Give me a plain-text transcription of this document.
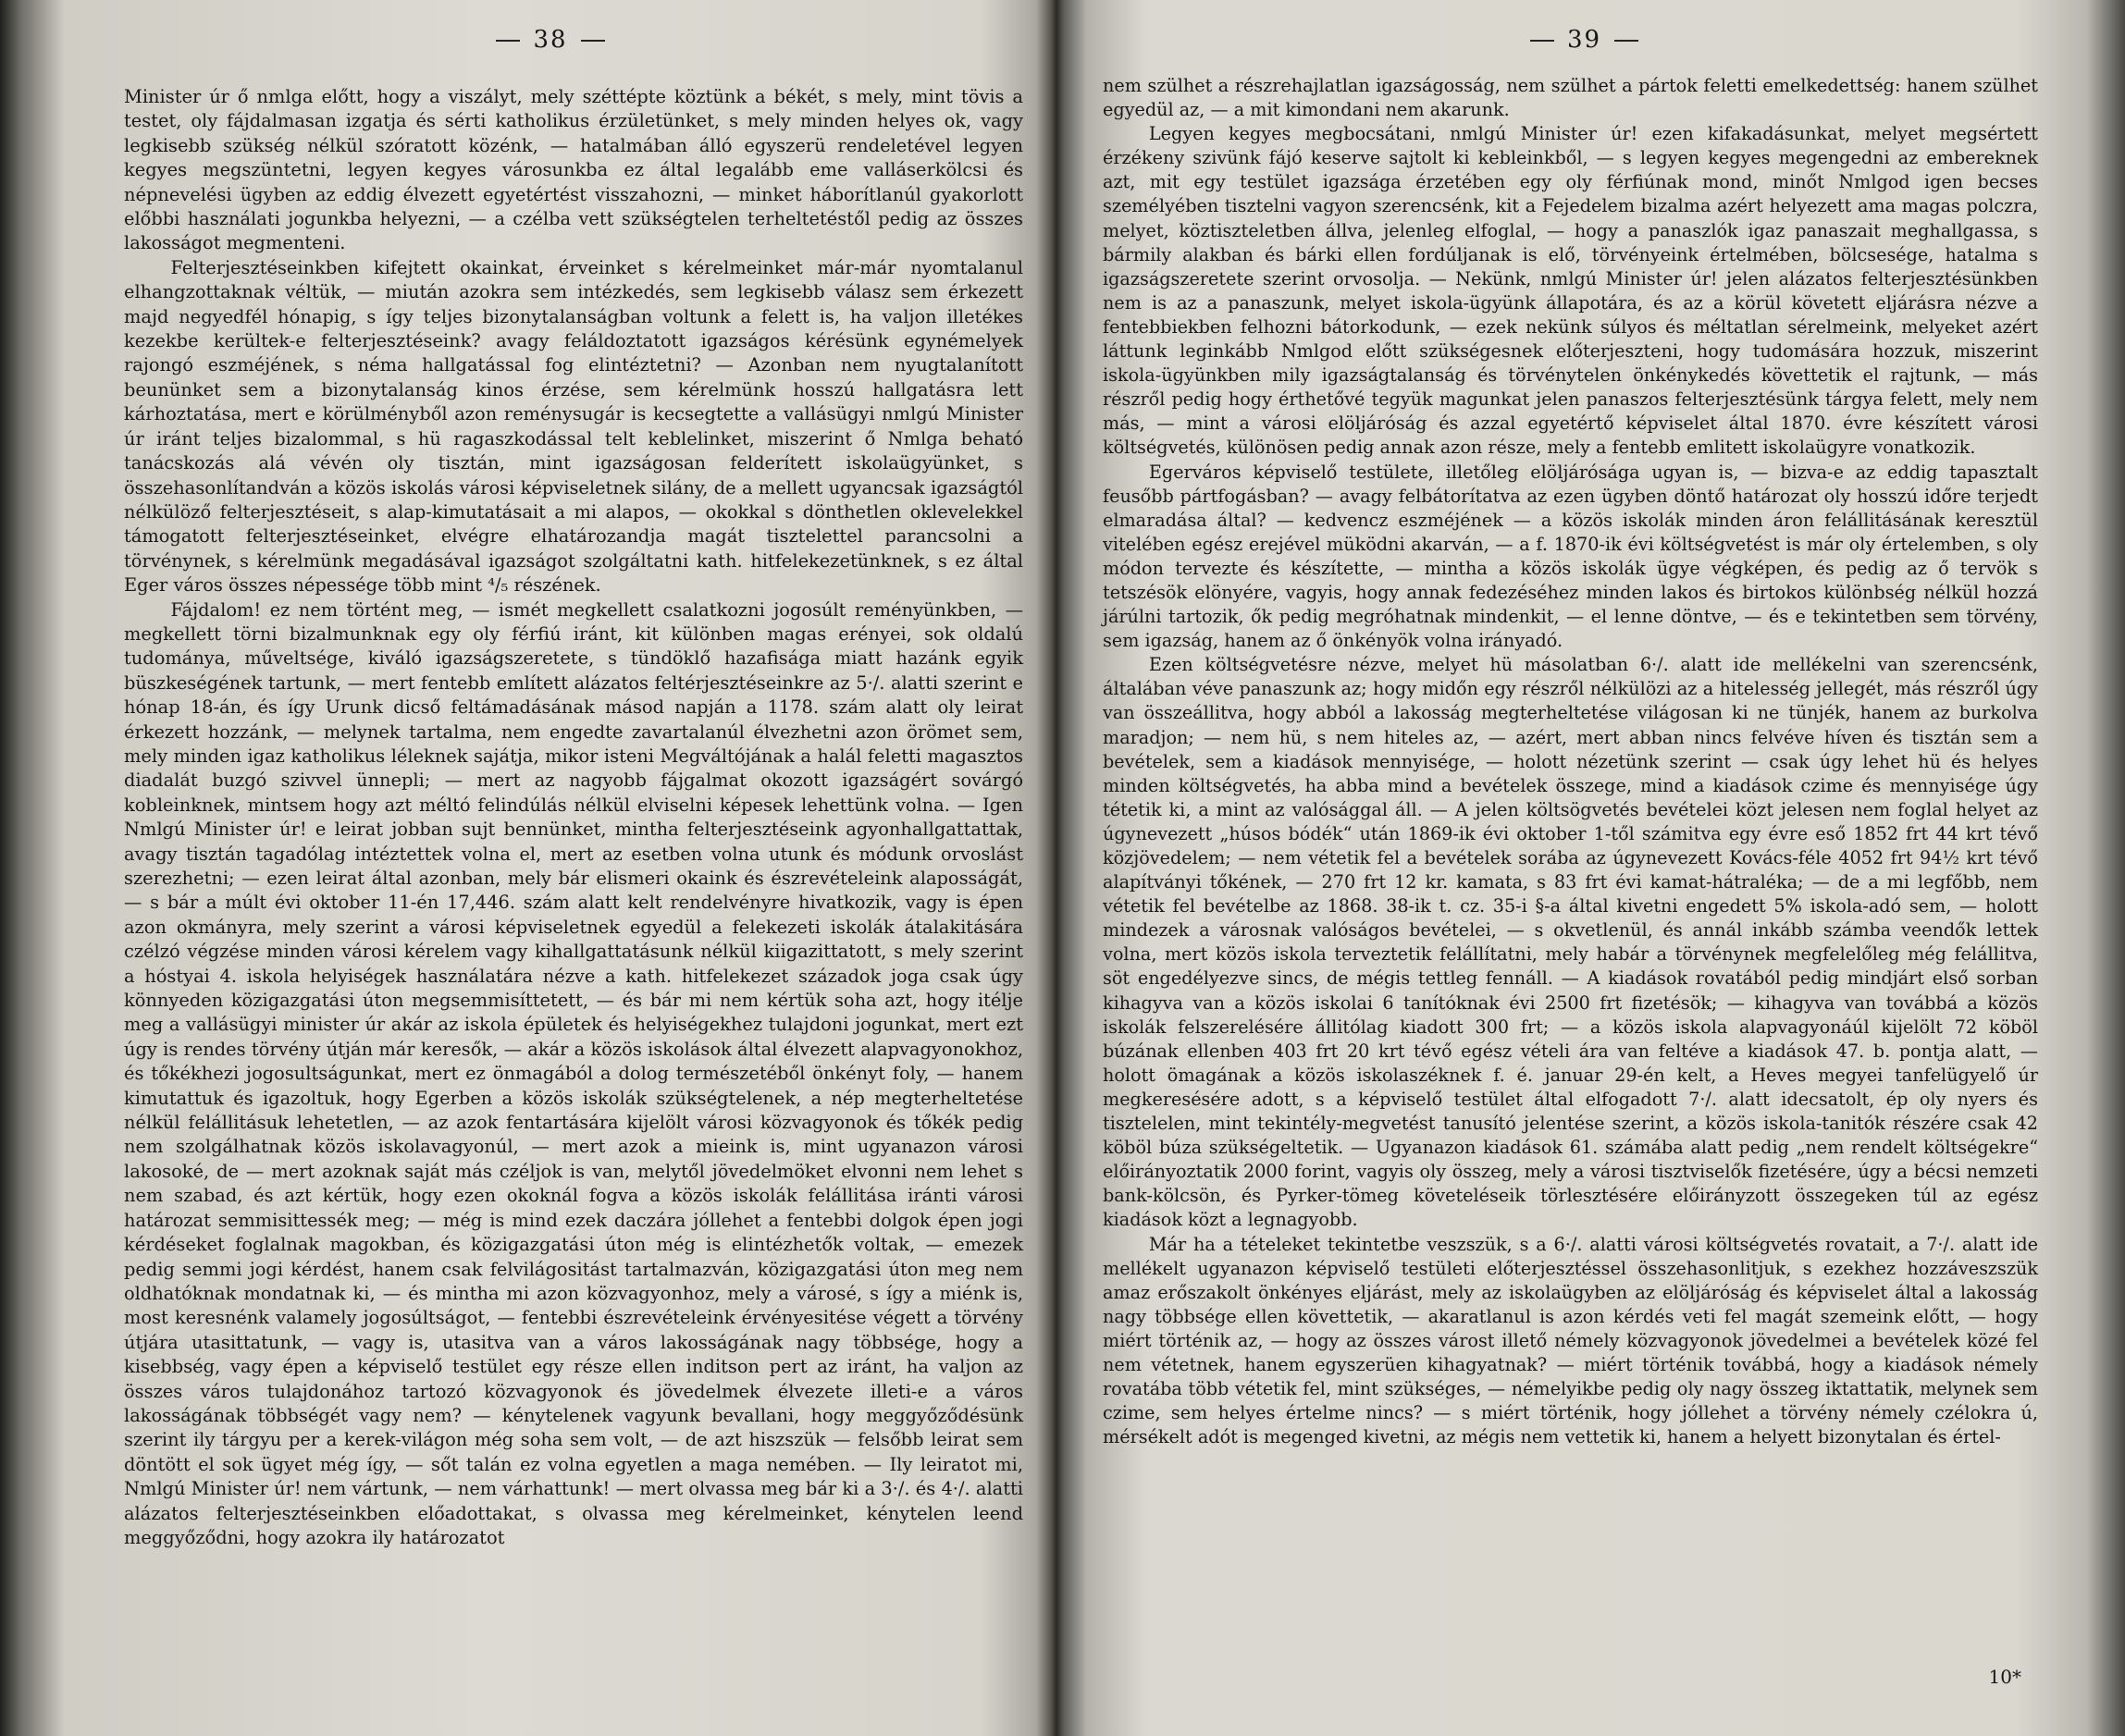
38

Minister úr ő nmlga előtt, hogy a viszályt, mely széttépte köztünk a békét, s mely, mint tövis a testet, oly fájdalmasan izgatja és sérti katholikus érzületünket, s mely minden helyes ok, vagy legkisebb szükség nélkül szóratott közénk, — hatalmában álló egyszerü rendeletével legyen kegyes megszüntetni, legyen kegyes városunkba ez által legalább eme valláserkölcsi és népnevelési ügyben az eddig élvezett egyetértést visszahozni, — minket háborítlanúl gyakorlott előbbi használati jogunkba helyezni, — a czélba vett szükségtelen terheltetéstől pedig az összes lakosságot megmenteni.

Felterjesztéseinkben kifejtett okainkat, érveinket s kérelmeinket már-már nyomtalanul elhangzottaknak véltük, — miután azokra sem intézkedés, sem legkisebb válasz sem érkezett majd negyedfél hónapig, s így teljes bizonytalanságban voltunk a felett is, ha valjon illetékes kezekbe kerültek-e felterjesztéseink? avagy feláldoztatott igazságos kérésünk egynémelyek rajongó eszméjének, s néma hallgatással fog elintéztetni? — Azonban nem nyugtalanított beunünket sem a bizonytalanság kinos érzése, sem kérelmünk hosszú hallgatásra lett kárhoztatása, mert e körülményből azon reménysugár is kecsegtette a vallásügyi nmlgú Minister úr iránt teljes bizalommal, s hü ragaszkodással telt keblelinket, miszerint ő Nmlga beható tanácskozás alá vévén oly tisztán, mint igazságosan felderített iskolaügyünket, s összehasonlítandván a közös iskolás városi képviseletnek silány, de a mellett ugyancsak igazságtól nélkülöző felterjesztéseit, s alap-kimutatásait a mi alapos, — okokkal s dönthetlen oklevelekkel támogatott felterjesztéseinket, elvégre elhatározandja magát tisztelettel parancsolni a törvénynek, s kérelmünk megadásával igazságot szolgáltatni kath. hitfelekezetünknek, s ez által Eger város összes népessége több mint ⁴/₅ részének.

Fájdalom! ez nem történt meg, — ismét megkellett csalatkozni jogosúlt reményünkben, — megkellett törni bizalmunknak egy oly férfiú iránt, kit különben magas erényei, sok oldalú tudománya, műveltsége, kiváló igazságszeretete, s tündöklő hazafisága miatt hazánk egyik büszkeségének tartunk, — mert fentebb említett alázatos feltérjesztéseinkre az 5·/. alatti szerint e hónap 18-án, és így Urunk dicső feltámadásának másod napján a 1178. szám alatt oly leirat érkezett hozzánk, — melynek tartalma, nem engedte zavartalanúl élvezhetni azon örömet sem, mely minden igaz katholikus léleknek sajátja, mikor isteni Megváltójának a halál feletti magasztos diadalát buzgó szivvel ünnepli; — mert az nagyobb fájgalmat okozott igazságért sovárgó kobleinknek, mintsem hogy azt méltó felindúlás nélkül elviselni képesek lehettünk volna. — Igen Nmlgú Minister úr! e leirat jobban sujt bennünket, mintha felterjesztéseink agyonhallgattattak, avagy tisztán tagadólag intéztettek volna el, mert az esetben volna utunk és módunk orvoslást szerezhetni; — ezen leirat által azonban, mely bár elismeri okaink és észrevételeink alaposságát, — s bár a múlt évi oktober 11-én 17,446. szám alatt kelt rendelvényre hivatkozik, vagy is épen azon okmányra, mely szerint a városi képviseletnek egyedül a felekezeti iskolák átalakitására czélzó végzése minden városi kérelem vagy kihallgattatásunk nélkül kiigazittatott, s mely szerint a hóstyai 4. iskola helyiségek használatára nézve a kath. hitfelekezet századok joga csak úgy könnyeden közigazgatási úton megsemmisíttetett, — és bár mi nem kértük soha azt, hogy itélje meg a vallásügyi minister úr akár az iskola épületek és helyiségekhez tulajdoni jogunkat, mert ezt úgy is rendes törvény útján már keresők, — akár a közös iskolások által élvezett alapvagyonokhoz, és tőkékhezi jogosultságunkat, mert ez önmagából a dolog természetéből önkényt foly, — hanem kimutattuk és igazoltuk, hogy Egerben a közös iskolák szükségtelenek, a nép megterheltetése nélkül felállitásuk lehetetlen, — az azok fentartására kijelölt városi közvagyonok és tőkék pedig nem szolgálhatnak közös iskolavagyonúl, — mert azok a mieink is, mint ugyanazon városi lakosoké, de — mert azoknak saját más czéljok is van, melytől jövedelmöket elvonni nem lehet s nem szabad, és azt kértük, hogy ezen okoknál fogva a közös iskolák felállitása iránti városi határozat semmisittessék meg; — még is mind ezek daczára jóllehet a fentebbi dolgok épen jogi kérdéseket foglalnak magokban, és közigazgatási úton még is elintézhetők voltak, — emezek pedig semmi jogi kérdést, hanem csak felvilágositást tartalmazván, közigazgatási úton meg nem oldhatóknak mondatnak ki, — és mintha mi azon közvagyonhoz, mely a városé, s így a miénk is, most keresnénk valamely jogosúltságot, — fentebbi észrevételeink érvényesitése végett a törvény útjára utasittatunk, — vagy is, utasitva van a város lakosságának nagy többsége, hogy a kisebbség, vagy épen a képviselő testület egy része ellen inditson pert az iránt, ha valjon az összes város tulajdonához tartozó közvagyonok és jövedelmek élvezete illeti-e a város lakosságának többségét vagy nem? — kénytelenek vagyunk bevallani, hogy meggyőződésünk szerint ily tárgyu per a kerek-világon még soha sem volt, — de azt hiszszük — felsőbb leirat sem döntött el sok ügyet még így, — sőt talán ez volna egyetlen a maga nemében. — Ily leiratot mi, Nmlgú Minister úr! nem vártunk, — nem várhattunk! — mert olvassa meg bár ki a 3·/. és 4·/. alatti alázatos felterjesztéseinkben előadottakat, s olvassa meg kérelmeinket, kénytelen leend meggyőződni, hogy azokra ily határozatot

39

nem szülhet a részrehajlatlan igazságosság, nem szülhet a pártok feletti emelkedettség: hanem szülhet egyedül az, — a mit kimondani nem akarunk.

Legyen kegyes megbocsátani, nmlgú Minister úr! ezen kifakadásunkat, melyet megsértett érzékeny szivünk fájó keserve sajtolt ki kebleinkből, — s legyen kegyes megengedni az embereknek azt, mit egy testület igazsága érzetében egy oly férfiúnak mond, minőt Nmlgod igen becses személyében tisztelni vagyon szerencsénk, kit a Fejedelem bizalma azért helyezett ama magas polczra, melyet, köztiszteletben állva, jelenleg elfoglal, — hogy a panaszlók igaz panaszait meghallgassa, s bármily alakban és bárki ellen fordúljanak is elő, törvényeink értelmében, bölcsesége, hatalma s igazságszeretete szerint orvosolja. — Nekünk, nmlgú Minister úr! jelen alázatos felterjesztésünkben nem is az a panaszunk, melyet iskola-ügyünk állapotára, és az a körül követett eljárásra nézve a fentebbiekben felhozni bátorkodunk, — ezek nekünk súlyos és méltatlan sérelmeink, melyeket azért láttunk leginkább Nmlgod előtt szükségesnek előterjeszteni, hogy tudomására hozzuk, miszerint iskola-ügyünkben mily igazságtalanság és törvénytelen önkénykedés követtetik el rajtunk, — más részről pedig hogy érthetővé tegyük magunkat jelen panaszos felterjesztésünk tárgya felett, mely nem más, — mint a városi elöljáróság és azzal egyetértő képviselet által 1870. évre készített városi költségvetés, különösen pedig annak azon része, mely a fentebb emlitett iskolaügyre vonatkozik.

Egerváros képviselő testülete, illetőleg elöljárósága ugyan is, — bizva-e az eddig tapasztalt feusőbb pártfogásban? — avagy felbátorítatva az ezen ügyben döntő határozat oly hosszú időre terjedt elmaradása által? — kedvencz eszméjének — a közös iskolák minden áron felállitásának keresztül vitelében egész erejével müködni akarván, — a f. 1870-ik évi költségvetést is már oly értelemben, s oly módon tervezte és készítette, — mintha a közös iskolák ügye végképen, és pedig az ő tervök s tetszésök elönyére, vagyis, hogy annak fedezéséhez minden lakos és birtokos különbség nélkül hozzá járúlni tartozik, ők pedig megróhatnak mindenkit, — el lenne döntve, — és e tekintetben sem törvény, sem igazság, hanem az ő önkényök volna irányadó.

Ezen költségvetésre nézve, melyet hü másolatban 6·/. alatt ide mellékelni van szerencsénk, általában véve panaszunk az; hogy midőn egy részről nélkülözi az a hitelesség jellegét, más részről úgy van összeállitva, hogy abból a lakosság megterheltetése világosan ki ne tünjék, hanem az burkolva maradjon; — nem hü, s nem hiteles az, — azért, mert abban nincs felvéve híven és tisztán sem a bevételek, sem a kiadások mennyisége, — holott nézetünk szerint — csak úgy lehet hü és helyes minden költségvetés, ha abba mind a bevételek összege, mind a kiadások czime és mennyisége úgy tétetik ki, a mint az valósággal áll. — A jelen költsögvetés bevételei közt jelesen nem foglal helyet az úgynevezett „húsos bódék“ után 1869-ik évi oktober 1-től számitva egy évre eső 1852 frt 44 krt tévő közjövedelem; — nem vétetik fel a bevételek sorába az úgynevezett Kovács-féle 4052 frt 94½ krt tévő alapítványi tőkének, — 270 frt 12 kr. kamata, s 83 frt évi kamat-hátraléka; — de a mi legfőbb, nem vétetik fel bevételbe az 1868. 38-ik t. cz. 35-i §-a által kivetni engedett 5% iskola-adó sem, — holott mindezek a városnak valóságos bevételei, — s okvetlenül, és annál inkább számba veendők lettek volna, mert közös iskola terveztetik felállítatni, mely habár a törvénynek megfelelőleg még felállitva, söt engedélyezve sincs, de mégis tettleg fennáll. — A kiadások rovatából pedig mindjárt első sorban kihagyva van a közös iskolai 6 tanítóknak évi 2500 frt fizetésök; — kihagyva van továbbá a közös iskolák felszerelésére állitólag kiadott 300 frt; — a közös iskola alapvagyonáúl kijelölt 72 köböl búzának ellenben 403 frt 20 krt tévő egész vételi ára van feltéve a kiadások 47. b. pontja alatt, — holott ömagának a közös iskolaszéknek f. é. januar 29-én kelt, a Heves megyei tanfelügyelő úr megkeresésére adott, s a képviselő testület által elfogadott 7·/. alatt idecsatolt, ép oly nyers és tisztelelen, mint tekintély-megvetést tanusító jelentése szerint, a közös iskola-tanitók részére csak 42 köböl búza szükségeltetik. — Ugyanazon kiadások 61. számába alatt pedig „nem rendelt költségekre“ előirányoztatik 2000 forint, vagyis oly összeg, mely a városi tisztviselők fizetésére, úgy a bécsi nemzeti bank-kölcsön, és Pyrker-tömeg követeléseik törlesztésére előirányzott összegeken túl az egész kiadások közt a legnagyobb.

Már ha a tételeket tekintetbe veszszük, s a 6·/. alatti városi költségvetés rovatait, a 7·/. alatt ide mellékelt ugyanazon képviselő testületi előterjesztéssel összehasonlitjuk, s ezekhez hozzáveszszük amaz erőszakolt önkényes eljárást, mely az iskolaügyben az elöljáróság és képviselet által a lakosság nagy többsége ellen követtetik, — akaratlanul is azon kérdés veti fel magát szemeink előtt, — hogy miért történik az, — hogy az összes várost illető némely közvagyonok jövedelmei a bevételek közé fel nem vétetnek, hanem egyszerüen kihagyatnak? — miért történik továbbá, hogy a kiadások némely rovatába több vétetik fel, mint szükséges, — némelyikbe pedig oly nagy összeg iktattatik, melynek sem czime, sem helyes értelme nincs? — s miért történik, hogy jóllehet a törvény némely czélokra ú, mérsékelt adót is megenged kivetni, az mégis nem vettetik ki, hanem a helyett bizonytalan és értel-

10*
